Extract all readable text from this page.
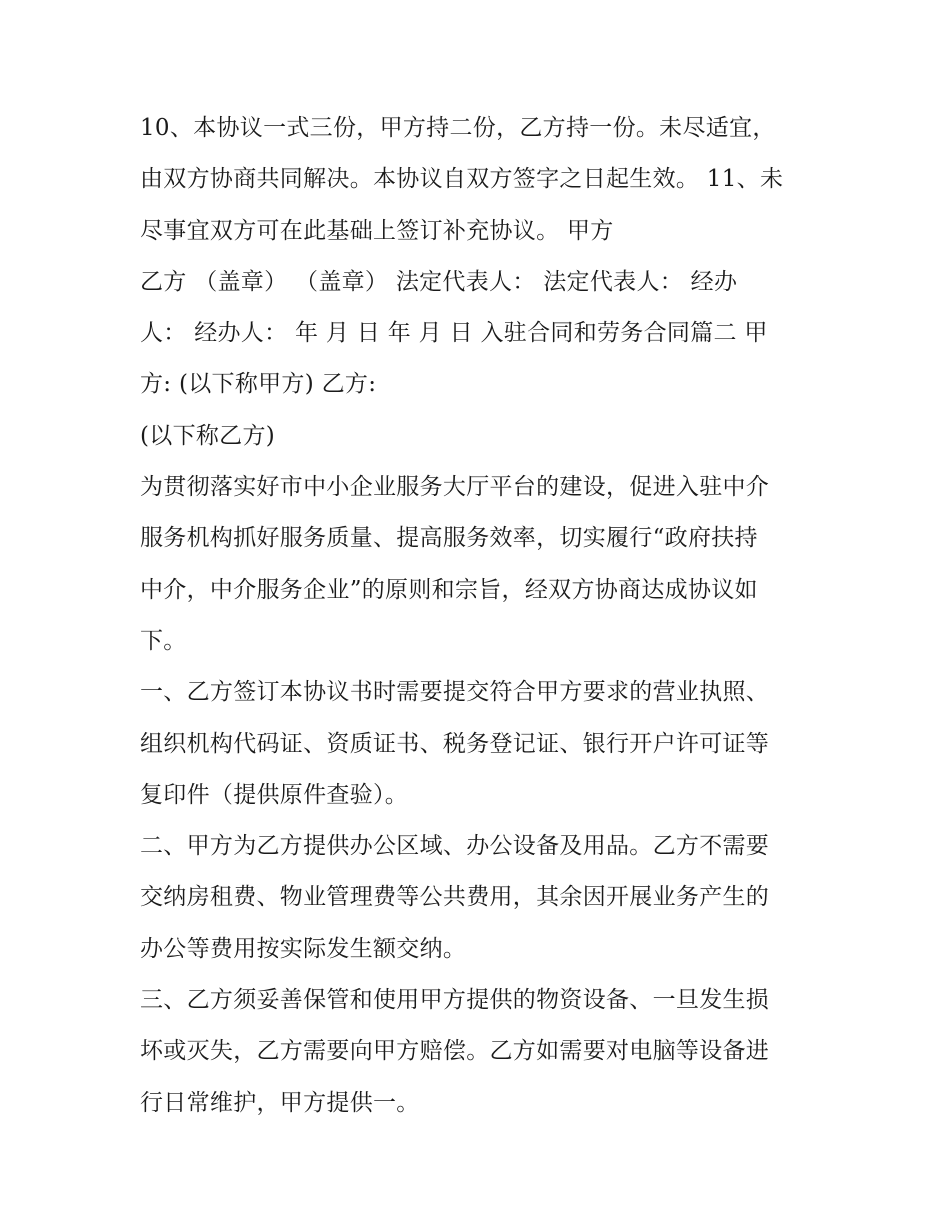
10、本协议一式三份，甲方持二份，乙方持一份。未尽适宜，
由双方协商共同解决。本协议自双方签字之日起生效。 11、未
尽事宜双方可在此基础上签订补充协议。 甲方
乙方 （盖章） （盖章） 法定代表人： 法定代表人： 经办
人： 经办人： 年 月 日 年 月 日 入驻合同和劳务合同篇二 甲
方: (以下称甲方) 乙方:
(以下称乙方)
为贯彻落实好市中小企业服务大厅平台的建设，促进入驻中介
服务机构抓好服务质量、提高服务效率，切实履行“政府扶持
中介，中介服务企业”的原则和宗旨，经双方协商达成协议如
下。
一、乙方签订本协议书时需要提交符合甲方要求的营业执照、
组织机构代码证、资质证书、税务登记证、银行开户许可证等
复印件（提供原件查验）。
二、甲方为乙方提供办公区域、办公设备及用品。乙方不需要
交纳房租费、物业管理费等公共费用，其余因开展业务产生的
办公等费用按实际发生额交纳。
三、乙方须妥善保管和使用甲方提供的物资设备、一旦发生损
坏或灭失，乙方需要向甲方赔偿。乙方如需要对电脑等设备进
行日常维护，甲方提供一。
